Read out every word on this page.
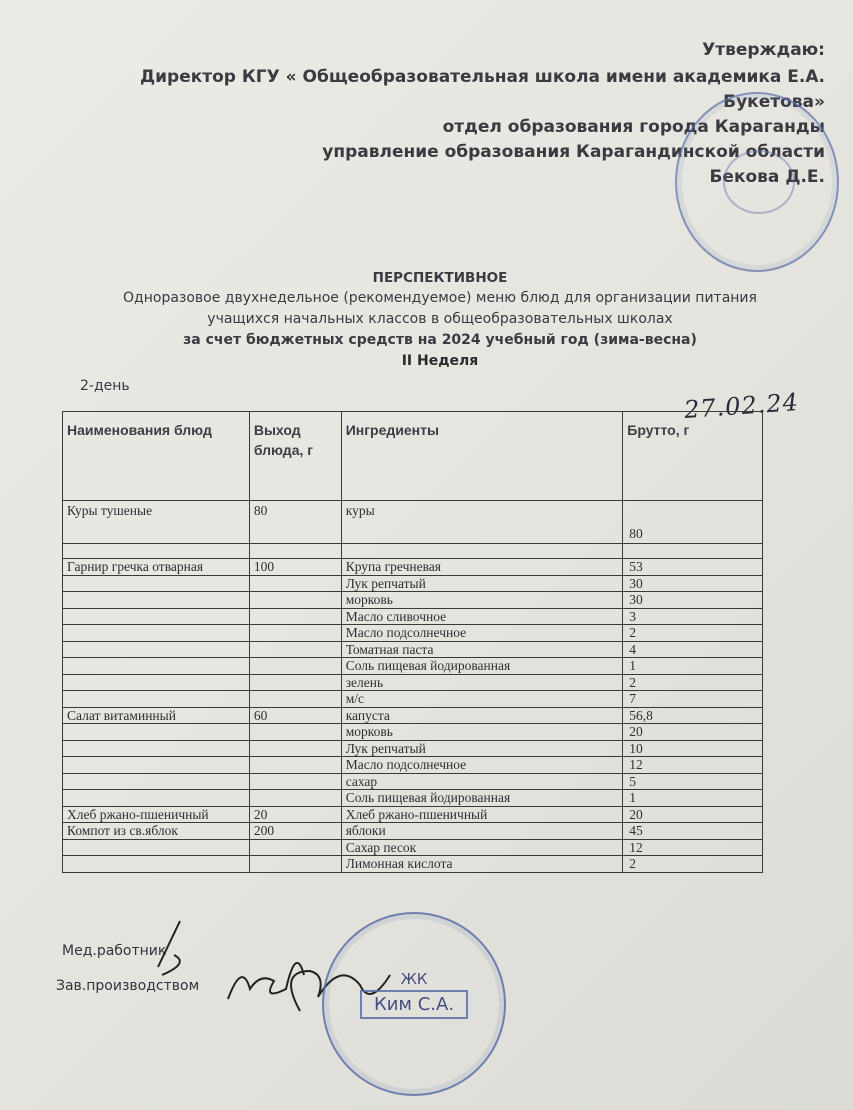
Утверждаю:
Директор КГУ « Общеобразовательная школа имени академика Е.А.
Букетова»
отдел образования города Караганды
управление образования Карагандинской области
Бекова Д.Е.
ПЕРСПЕКТИВНОЕ
Одноразовое двухнедельное (рекомендуемое) меню блюд для организации питания
учащихся начальных классов в общеобразовательных школах
за счет бюджетных средств на 2024 учебный год (зима-весна)
II Неделя
2-день
27.02.24
Наименования блюд	Выход блюда, г	Ингредиенты	Брутто, г
Куры тушеные	80	куры	80

Гарнир гречка отварная	100	Крупа гречневая	53
		Лук репчатый	30
		морковь	30
		Масло сливочное	3
		Масло подсолнечное	2
		Томатная паста	4
		Соль пищевая йодированная	1
		зелень	2
		м/с	7
Салат витаминный	60	капуста	56,8
		морковь	20
		Лук репчатый	10
		Масло подсолнечное	12
		сахар	5
		Соль пищевая йодированная	1
Хлеб ржано-пшеничный	20	Хлеб ржано-пшеничный	20
Компот из св.яблок	200	яблоки	45
		Сахар песок	12
		Лимонная кислота	2
Мед.работник
Зав.производством	ЖК
Ким С.А.
